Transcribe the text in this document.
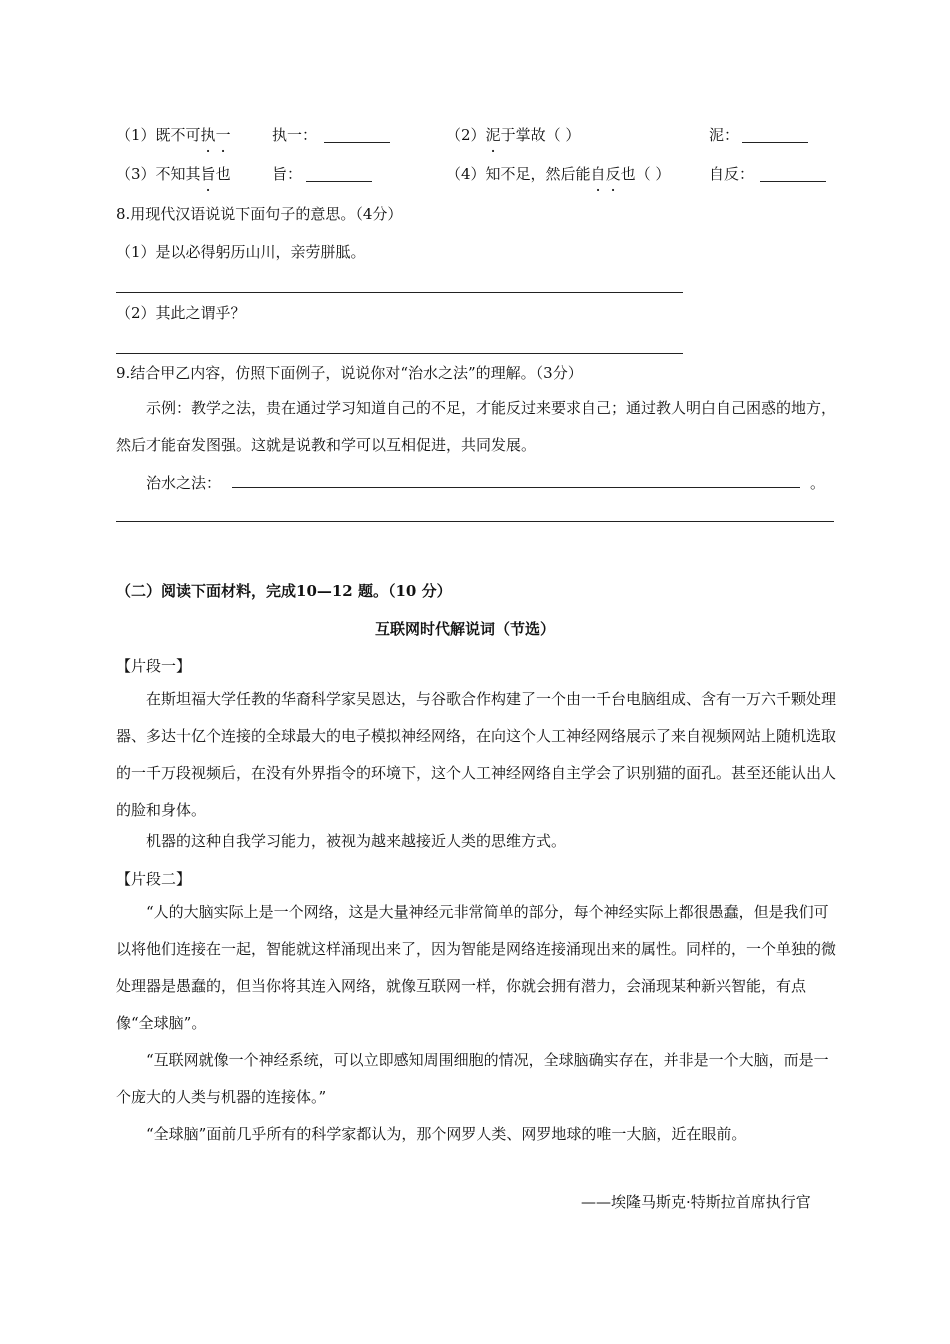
（1）既不可执一	执一：	（2）泥于掌故（ ）	泥：
（3）不知其旨也	旨：	（4）知不足，然后能自反也（ ）	自反：
8.用现代汉语说说下面句子的意思。（4分）
（1）是以必得躬历山川，亲劳胼胝。
（2）其此之谓乎？
9.结合甲乙内容，仿照下面例子，说说你对“治水之法”的理解。（3分）
示例：教学之法，贵在通过学习知道自己的不足，才能反过来要求自己；通过教人明白自己困惑的地方，然后才能奋发图强。这就是说教和学可以互相促进，共同发展。
治水之法：	。
（二）阅读下面材料，完成10—12 题。（10 分）
互联网时代解说词（节选）
【片段一】
在斯坦福大学任教的华裔科学家吴恩达，与谷歌合作构建了一个由一千台电脑组成、含有一万六千颗处理器、多达十亿个连接的全球最大的电子模拟神经网络，在向这个人工神经网络展示了来自视频网站上随机选取的一千万段视频后，在没有外界指令的环境下，这个人工神经网络自主学会了识别猫的面孔。甚至还能认出人的脸和身体。
机器的这种自我学习能力，被视为越来越接近人类的思维方式。
【片段二】
“人的大脑实际上是一个网络，这是大量神经元非常简单的部分，每个神经实际上都很愚蠢，但是我们可以将他们连接在一起，智能就这样涌现出来了，因为智能是网络连接涌现出来的属性。同样的，一个单独的微处理器是愚蠢的，但当你将其连入网络，就像互联网一样，你就会拥有潜力，会涌现某种新兴智能，有点像“全球脑”。
“互联网就像一个神经系统，可以立即感知周围细胞的情况，全球脑确实存在，并非是一个大脑，而是一个庞大的人类与机器的连接体。”
“全球脑”面前几乎所有的科学家都认为，那个网罗人类、网罗地球的唯一大脑，近在眼前。
——埃隆马斯克·特斯拉首席执行官
